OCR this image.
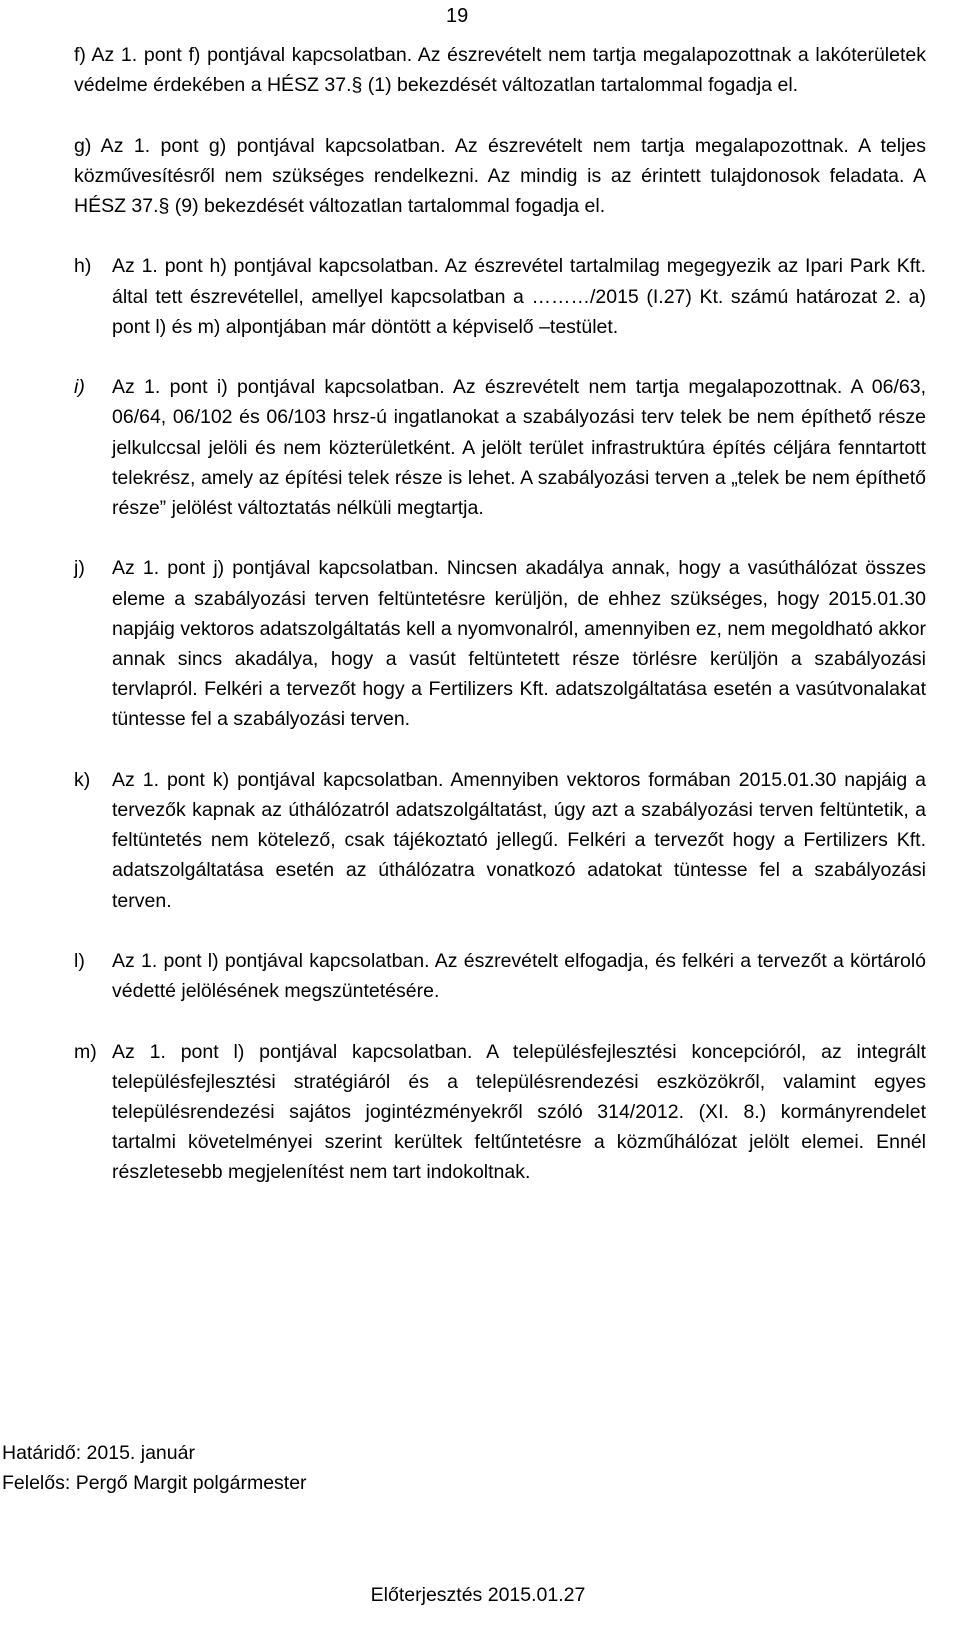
19
f) Az 1. pont f) pontjával kapcsolatban. Az észrevételt nem tartja megalapozottnak a lakóterületek védelme érdekében a HÉSZ 37.§ (1) bekezdését változatlan tartalommal fogadja el.
g) Az 1. pont g) pontjával kapcsolatban. Az észrevételt nem tartja megalapozottnak. A teljes közművesítésről nem szükséges rendelkezni. Az mindig is az érintett tulajdonosok feladata. A HÉSZ 37.§ (9) bekezdését változatlan tartalommal fogadja el.
h)	Az 1. pont h) pontjával kapcsolatban. Az észrevétel tartalmilag megegyezik az Ipari Park Kft. által tett észrevétellel, amellyel kapcsolatban a ………/2015 (I.27) Kt. számú határozat 2. a) pont l) és m) alpontjában már döntött a képviselő –testület.
i)	Az 1. pont i) pontjával kapcsolatban. Az észrevételt nem tartja megalapozottnak. A 06/63, 06/64, 06/102 és 06/103 hrsz-ú ingatlanokat a szabályozási terv telek be nem építhető része jelkulccsal jelöli és nem közterületként. A jelölt terület infrastruktúra építés céljára fenntartott telekrész, amely az építési telek része is lehet. A szabályozási terven a „telek be nem építhető része” jelölést változtatás nélküli megtartja.
j)	Az 1. pont j) pontjával kapcsolatban. Nincsen akadálya annak, hogy a vasúthálózat összes eleme a szabályozási terven feltüntetésre kerüljön, de ehhez szükséges, hogy 2015.01.30 napjáig vektoros adatszolgáltatás kell a nyomvonalról, amennyiben ez, nem megoldható akkor annak sincs akadálya, hogy a vasút feltüntetett része törlésre kerüljön a szabályozási tervlapról. Felkéri a tervezőt hogy a Fertilizers Kft. adatszolgáltatása esetén a vasútvonalakat tüntesse fel a szabályozási terven.
k)	Az 1. pont k) pontjával kapcsolatban. Amennyiben vektoros formában 2015.01.30 napjáig a tervezők kapnak az úthálózatról adatszolgáltatást, úgy azt a szabályozási terven feltüntetik, a feltüntetés nem kötelező, csak tájékoztató jellegű. Felkéri a tervezőt hogy a Fertilizers Kft. adatszolgáltatása esetén az úthálózatra vonatkozó adatokat tüntesse fel a szabályozási terven.
l)	Az 1. pont l) pontjával kapcsolatban. Az észrevételt elfogadja, és felkéri a tervezőt a körtároló védetté jelölésének megszüntetésére.
m) Az 1. pont l) pontjával kapcsolatban. A településfejlesztési koncepcióról, az integrált településfejlesztési stratégiáról és a településrendezési eszközökről, valamint egyes településrendezési sajátos jogintézményekről szóló 314/2012. (XI. 8.) kormányrendelet tartalmi követelményei szerint kerültek feltűntetésre a közműhálózat jelölt elemei. Ennél részletesebb megjelenítést nem tart indokoltnak.
Határidő: 2015. január
Felelős: Pergő Margit polgármester
Előterjesztés 2015.01.27
